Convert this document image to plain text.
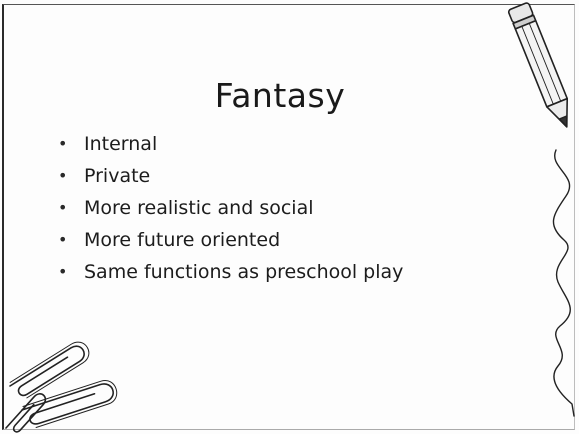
Fantasy
• Internal
• Private
• More realistic and social
• More future oriented
• Same functions as preschool play
